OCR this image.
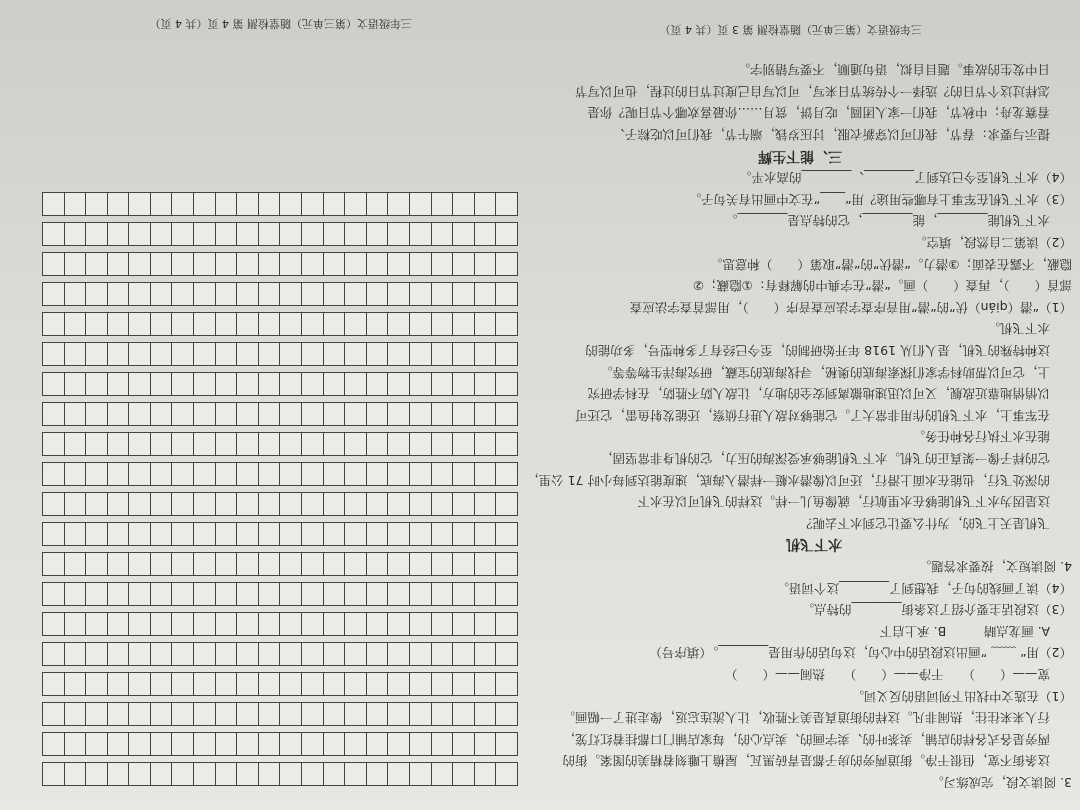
3. 阅读文段，完成练习。
这条街不宽，但很干净。街道两旁的房子都是青砖黑瓦，屋檐上雕刻着精美的图案。街的
两旁是各式各样的店铺，卖茶叶的、卖字画的、卖点心的，每家店铺门口都挂着红灯笼，
行人来来往往，热闹非凡。这样的街道真是美不胜收，让人流连忘返，像走进了一幅画。
（1）在选文中找出下列词语的反义词。
宽——（　　）　　干净——（　　）　　热闹——（　　）
（2）用“ ﹏﹏ ”画出这段话的中心句，这句话的作用是________。（填序号）
A. 画龙点睛　　　B. 承上启下
（3）这段话主要介绍了这条街________的特点。
（4）读了画线的句子，我想到了________这个词语。
4. 阅读短文，按要求答题。
水下飞机
飞机是天上飞的，为什么要让它到水下去呢？
这是因为水下飞机能够在水里航行，就像鱼儿一样。这样的飞机可以在水下
的深处飞行，也能在水面上滑行，还可以像潜水艇一样潜入海底，速度能达到每小时 71 公里，
它的样子像一架真正的飞机。水下飞机能够承受深海的压力，它的机身非常坚固，
能在水下执行各种任务。
在军事上，水下飞机的作用非常大了。它能够对敌人进行侦察，还能发射鱼雷，它还可
以悄悄地靠近敌舰，又可以迅速地撤离到安全的地方，让敌人防不胜防，在科学研究
上，它可以帮助科学家们探索海底的奥秘，寻找海底的宝藏，研究海洋生物等等。
这种特殊的飞机，是人们从 1918 年开始研制的，至今已经有了多种型号，多功能的
水下飞机。
（1）“潜（qián）伏”的“潜”用音序查字法应查音序（　　），用部首查字法应查
部首（　　），再查（　　）画。“潜”在字典中的解释有：①隐藏；②
隐蔽，不露在表面；③潜力。“潜伏”的“潜”取第（　　）种意思。
（2）读第二自然段，填空。
水下飞机能________，能________，它的特点是________。
（3）水下飞机在军事上有哪些用途？用“____”在文中画出有关句子。
（4）水下飞机至今已达到了________、________的高水平。
三、能下生辉
提示与要求：春节，我们可以穿新衣服，讨压岁钱，端午节，我们可以吃粽子、
看赛龙舟；中秋节，我们一家人团圆，吃月饼，赏月……你最喜欢哪个节日呢？你是
怎样过这个节日的？选择一个传统节日来写，可以写自己度过节日的过程，也可以写节
日中发生的故事。题目自拟，语句通顺，不要写错别字。
三年级语文（第三单元）随堂检测 第 3 页（共 4 页）
三年级语文（第三单元）随堂检测 第 4 页（共 4 页）
